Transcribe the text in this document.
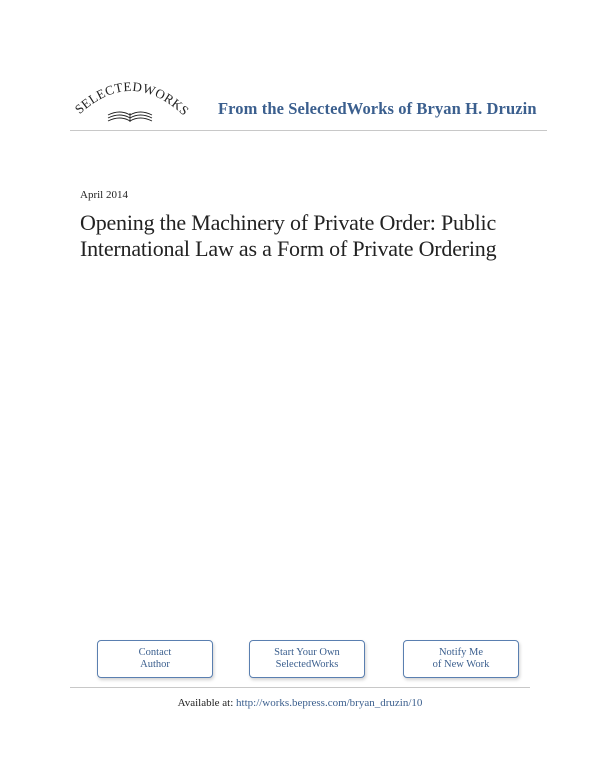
SELECTEDWORKS From the SelectedWorks of Bryan H. Druzin
April 2014
Opening the Machinery of Private Order: Public
International Law as a Form of Private Ordering
Contact
Author
Start Your Own
SelectedWorks
Notify Me
of New Work
Available at: http://works.bepress.com/bryan_druzin/10
